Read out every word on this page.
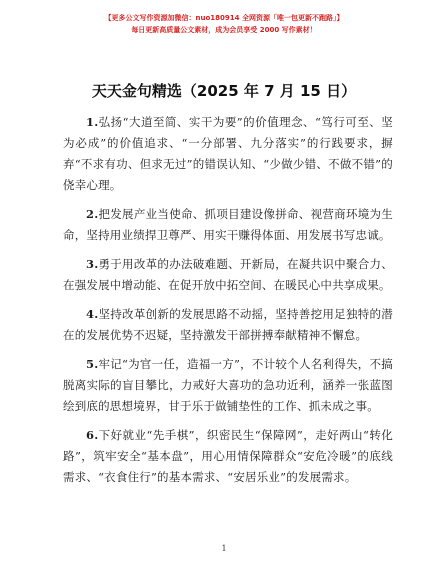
【更多公文写作资源加微信：nuo180914 全网资源「唯一包更新不跑路」】
每日更新高质量公文素材，成为会员享受 2000 写作素材！
天天金句精选（2025 年 7 月 15 日）

1.弘扬“大道至简、实干为要”的价值理念、“笃行可至、坚为必成”的价值追求、“一分部署、九分落实”的行践要求，摒弃“不求有功、但求无过”的错误认知、“少做少错、不做不错”的侥幸心理。

2.把发展产业当使命、抓项目建设像拼命、视营商环境为生命，坚持用业绩捍卫尊严、用实干赚得体面、用发展书写忠诚。

3.勇于用改革的办法破难题、开新局，在凝共识中聚合力、在强发展中增动能、在促开放中拓空间、在暖民心中共享成果。

4.坚持改革创新的发展思路不动摇，坚持善挖用足独特的潜在的发展优势不迟疑，坚持激发干部拼搏奉献精神不懈怠。

5.牢记“为官一任，造福一方”，不计较个人名利得失，不搞脱离实际的盲目攀比，力戒好大喜功的急功近利，涵养一张蓝图绘到底的思想境界，甘于乐于做铺垫性的工作、抓未成之事。

6.下好就业“先手棋”，织密民生“保障网”，走好两山“转化路”，筑牢安全“基本盘”，用心用情保障群众“安危冷暖”的底线需求、“衣食住行”的基本需求、“安居乐业”的发展需求。

1
